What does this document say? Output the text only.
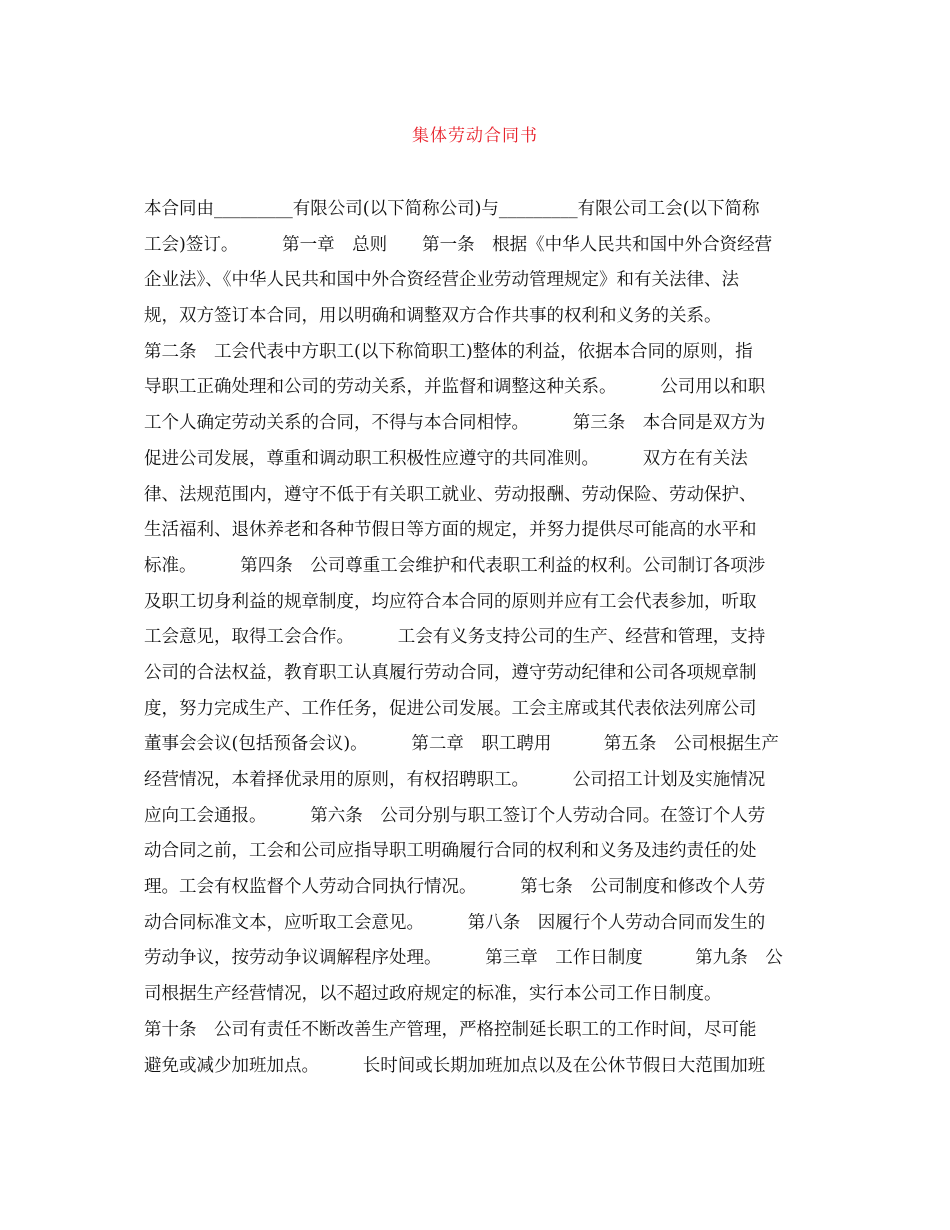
集体劳动合同书
本合同由_________有限公司(以下简称公司)与_________有限公司工会(以下简称
工会)签订。　　　第一章　总则　　第一条　根据《中华人民共和国中外合资经营
企业法》、《中华人民共和国中外合资经营企业劳动管理规定》和有关法律、法
规，双方签订本合同，用以明确和调整双方合作共事的权利和义务的关系。
第二条　工会代表中方职工(以下称简职工)整体的利益，依据本合同的原则，指
导职工正确处理和公司的劳动关系，并监督和调整这种关系。　　　公司用以和职
工个人确定劳动关系的合同，不得与本合同相悖。　　　第三条　本合同是双方为
促进公司发展，尊重和调动职工积极性应遵守的共同准则。　　　双方在有关法
律、法规范围内，遵守不低于有关职工就业、劳动报酬、劳动保险、劳动保护、
生活福利、退休养老和各种节假日等方面的规定，并努力提供尽可能高的水平和
标准。　　　第四条　公司尊重工会维护和代表职工利益的权利。公司制订各项涉
及职工切身利益的规章制度，均应符合本合同的原则并应有工会代表参加，听取
工会意见，取得工会合作。　　　工会有义务支持公司的生产、经营和管理，支持
公司的合法权益，教育职工认真履行劳动合同，遵守劳动纪律和公司各项规章制
度，努力完成生产、工作任务，促进公司发展。工会主席或其代表依法列席公司
董事会会议(包括预备会议)。　　　第二章　职工聘用　　　第五条　公司根据生产
经营情况，本着择优录用的原则，有权招聘职工。　　　公司招工计划及实施情况
应向工会通报。　　　第六条　公司分别与职工签订个人劳动合同。在签订个人劳
动合同之前，工会和公司应指导职工明确履行合同的权利和义务及违约责任的处
理。工会有权监督个人劳动合同执行情况。　　　第七条　公司制度和修改个人劳
动合同标准文本，应听取工会意见。　　　第八条　因履行个人劳动合同而发生的
劳动争议，按劳动争议调解程序处理。　　　第三章　工作日制度　　　第九条　公
司根据生产经营情况，以不超过政府规定的标准，实行本公司工作日制度。
第十条　公司有责任不断改善生产管理，严格控制延长职工的工作时间，尽可能
避免或减少加班加点。　　　长时间或长期加班加点以及在公休节假日大范围加班
